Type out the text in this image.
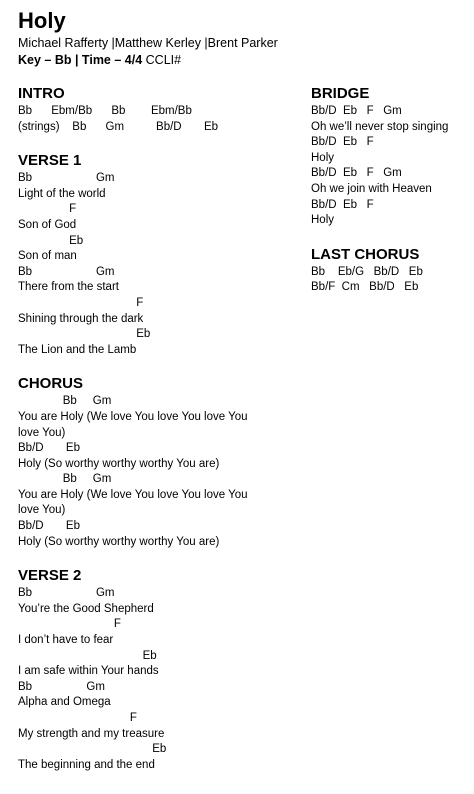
Holy
Michael Rafferty |Matthew Kerley |Brent Parker
Key – Bb | Time – 4/4 CCLI#
INTRO
Bb      Ebm/Bb      Bb        Ebm/Bb
(strings)    Bb      Gm          Bb/D       Eb
VERSE 1
Bb                    Gm
Light of the world
F
Son of God
Eb
Son of man
Bb                    Gm
There from the start
F
Shining through the dark
Eb
The Lion and the Lamb
CHORUS
Bb     Gm
You are Holy (We love You love You love You
love You)
Bb/D       Eb
Holy (So worthy worthy worthy You are)
Bb     Gm
You are Holy (We love You love You love You
love You)
Bb/D       Eb
Holy (So worthy worthy worthy You are)
VERSE 2
Bb                    Gm
You’re the Good Shepherd
F
I don’t have to fear
Eb
I am safe within Your hands
Bb                 Gm
Alpha and Omega
F
My strength and my treasure
Eb
The beginning and the end
BRIDGE
Bb/D  Eb   F   Gm
Oh we’ll never stop singing
Bb/D  Eb   F
Holy
Bb/D  Eb   F   Gm
Oh we join with Heaven
Bb/D  Eb   F
Holy
LAST CHORUS
Bb    Eb/G   Bb/D   Eb
Bb/F  Cm   Bb/D   Eb
